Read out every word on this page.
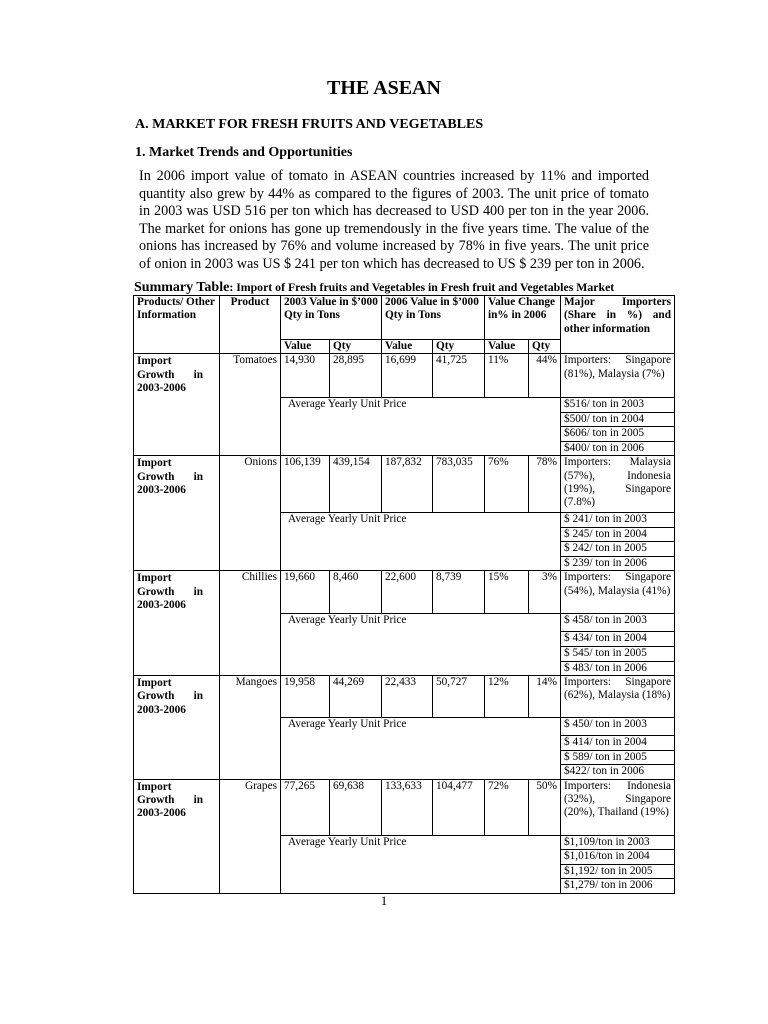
THE ASEAN
A. MARKET FOR FRESH FRUITS AND VEGETABLES
1. Market Trends and Opportunities
In 2006 import value of tomato in ASEAN countries increased by 11% and imported quantity also grew by 44% as compared to the figures of 2003. The unit price of tomato in 2003 was USD 516 per ton which has decreased to USD 400 per ton in the year 2006. The market for onions has gone up tremendously in the five years time. The value of the onions has increased by 76% and volume increased by 78% in five years. The unit price of onion in 2003 was US $ 241 per ton which has decreased to US $ 239 per ton in 2006.
Summary Table: Import of Fresh fruits and Vegetables in Fresh fruit and Vegetables Market
Products/ Other Information	Product	2003 Value in $’000 Qty in Tons		2006 Value in $’000 Qty in Tons		Value Change in% in 2006		Major Importers (Share in %) and other information
		Value	Qty	Value	Qty	Value	Qty	

Import Growth in 2003-2006	Tomatoes	14,930	28,895	16,699	41,725	11%	44%	Importers: Singapore (81%), Malaysia (7%)
		Average Yearly Unit Price						$516/ ton in 2003
								$500/ ton in 2004
								$606/ ton in 2005
								$400/ ton in 2006

Import Growth in 2003-2006	Onions	106,139	439,154	187,832	783,035	76%	78%	Importers: Malaysia (57%), Indonesia (19%), Singapore (7.8%)
		Average Yearly Unit Price						$ 241/ ton in 2003
								$ 245/ ton in 2004
								$ 242/ ton in 2005
								$ 239/ ton in 2006

Import Growth in 2003-2006	Chillies	19,660	8,460	22,600	8,739	15%	3%	Importers: Singapore (54%), Malaysia (41%)
		Average Yearly Unit Price						$ 458/ ton in 2003
								$ 434/ ton in 2004
								$ 545/ ton in 2005
								$ 483/ ton in 2006

Import Growth in 2003-2006	Mangoes	19,958	44,269	22,433	50,727	12%	14%	Importers: Singapore (62%), Malaysia (18%)
		Average Yearly Unit Price						$ 450/ ton in 2003
								$ 414/ ton in 2004
								$ 589/ ton in 2005
								$422/ ton in 2006

Import Growth in 2003-2006	Grapes	77,265	69,638	133,633	104,477	72%	50%	Importers: Indonesia (32%), Singapore (20%), Thailand (19%)
		Average Yearly Unit Price						$1,109/ton in 2003
								$1,016/ton in 2004
								$1,192/ ton in 2005
								$1,279/ ton in 2006
1
